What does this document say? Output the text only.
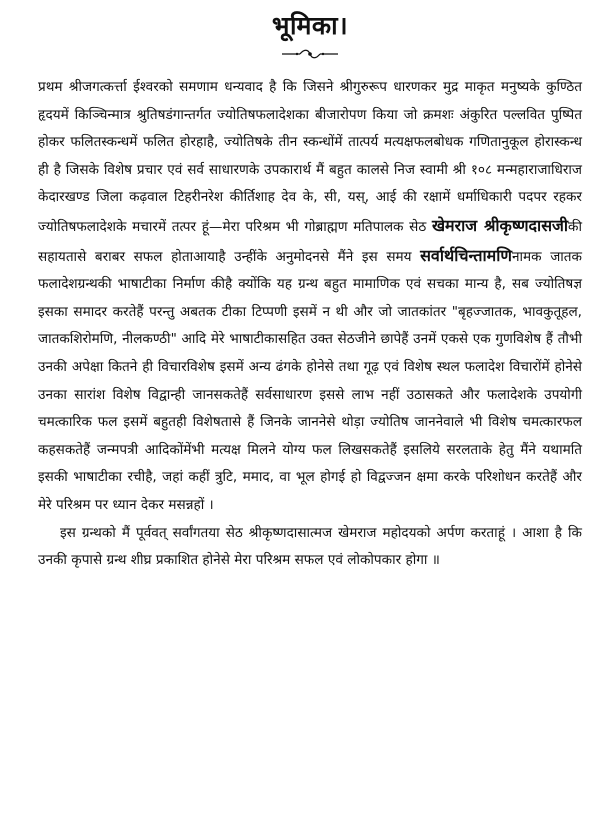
भूमिका।

प्रथम श्रीजगत्कर्त्ता ईश्वरको समणाम धन्यवाद है कि जिसने श्रीगुरुरूप धारणकर मुद्र माकृत मनुष्यके कुण्ठित हृदयमें किञ्चिन्मात्र श्रुतिषडंगान्तर्गत ज्योतिषफलादेशका बीजारोपण किया जो क्रमशः अंकुरित पल्लवित पुष्पित होकर फलितस्कन्धमें फलित होरहाहै, ज्योतिषके तीन स्कन्धोंमें तात्पर्य मत्यक्षफलबोधक गणितानुकूल होरास्कन्ध ही है जिसके विशेष प्रचार एवं सर्व साधारणके उपकारार्थ मैं बहुत कालसे निज स्वामी श्री १०८ मन्महाराजाधिराज केदारखण्ड जिला कढ़वाल टिहरीनरेश कीर्तिशाह देव के, सी, यस्, आई की रक्षामें धर्माधिकारी पदपर रहकर ज्योतिषफलादेशके मचारमें तत्पर हूं—मेरा परिश्रम भी गोब्राह्मण मतिपालक सेठ खेमराज श्रीकृष्णदासजीकी सहायतासे बराबर सफल होताआयाहै उन्हींके अनुमोदनसे मैंने इस समय सर्वार्थचिन्तामणिनामक जातक फलादेशग्रन्थकी भाषाटीका निर्माण कीहै क्योंकि यह ग्रन्थ बहुत मामाणिक एवं सचका मान्य है, सब ज्योतिषज्ञ इसका समादर करतेहैं परन्तु अबतक टीका टिप्पणी इसमें न थी और जो जातकांतर "बृहज्जातक, भावकुतूहल, जातकशिरोमणि, नीलकण्ठी" आदि मेरे भाषाटीकासहित उक्त सेठजीने छापेहैं उनमें एकसे एक गुणविशेष हैं तौभी उनकी अपेक्षा कितने ही विचारविशेष इसमें अन्य ढंगके होनेसे तथा गूढ़ एवं विशेष स्थल फलादेश विचारोंमें होनेसे उनका सारांश विशेष विद्वान्ही जानसकतेहैं सर्वसाधारण इससे लाभ नहीं उठासकते और फलादेशके उपयोगी चमत्कारिक फल इसमें बहुतही विशेषतासे हैं जिनके जाननेसे थोड़ा ज्योतिष जाननेवाले भी विशेष चमत्कारफल कहसकतेहैं जन्मपत्री आदिकोंमेंभी मत्यक्ष मिलने योग्य फल लिखसकतेहैं इसलिये सरलताके हेतु मैंने यथामति इसकी भाषाटीका रचीहै, जहां कहीं त्रुटि, ममाद, वा भूल होगई हो विद्वज्जन क्षमा करके परिशोधन करतेहैं और मेरे परिश्रम पर ध्यान देकर मसन्नहों ।

इस ग्रन्थको मैं पूर्ववत् सर्वांगतया सेठ श्रीकृष्णदासात्मज खेमराज महोदयको अर्पण करताहूं । आशा है कि उनकी कृपासे ग्रन्थ शीघ्र प्रकाशित होनेसे मेरा परिश्रम सफल एवं लोकोपकार होगा ॥
